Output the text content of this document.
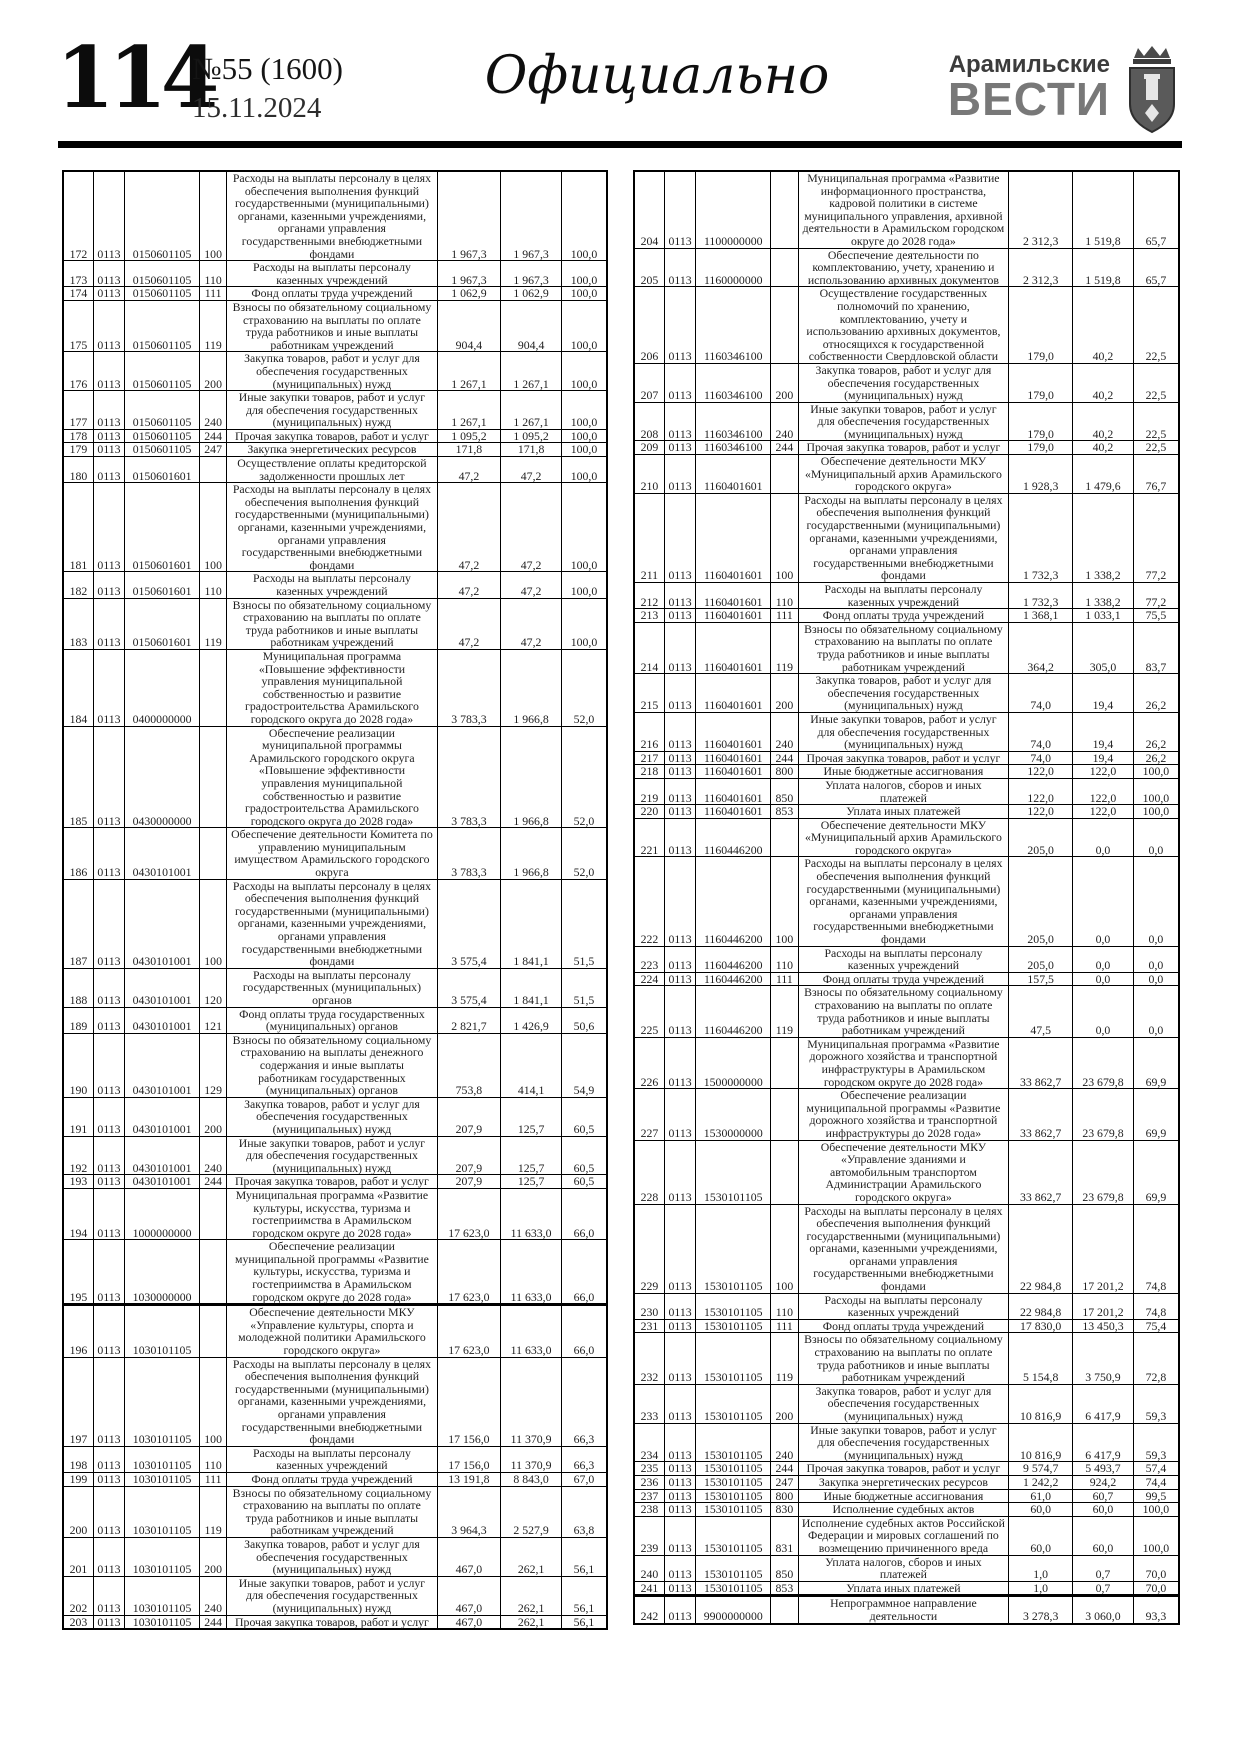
114
№55 (1600)
15.11.2024
Официально	Арамильские
ВЕСТИ
172	0113	0150601105	100	Расходы на выплаты персоналу в целях обеспечения выполнения функций государственными (муниципальными) органами, казенными учреждениями, органами управления государственными внебюджетными фондами	1 967,3	1 967,3	100,0
173	0113	0150601105	110	Расходы на выплаты персоналу казенных учреждений	1 967,3	1 967,3	100,0
174	0113	0150601105	111	Фонд оплаты труда учреждений	1 062,9	1 062,9	100,0
175	0113	0150601105	119	Взносы по обязательному социальному страхованию на выплаты по оплате труда работников и иные выплаты работникам учреждений	904,4	904,4	100,0
176	0113	0150601105	200	Закупка товаров, работ и услуг для обеспечения государственных (муниципальных) нужд	1 267,1	1 267,1	100,0
177	0113	0150601105	240	Иные закупки товаров, работ и услуг для обеспечения государственных (муниципальных) нужд	1 267,1	1 267,1	100,0
178	0113	0150601105	244	Прочая закупка товаров, работ и услуг	1 095,2	1 095,2	100,0
179	0113	0150601105	247	Закупка энергетических ресурсов	171,8	171,8	100,0
180	0113	0150601601		Осуществление оплаты кредиторской задолженности прошлых лет	47,2	47,2	100,0
181	0113	0150601601	100	Расходы на выплаты персоналу в целях обеспечения выполнения функций государственными (муниципальными) органами, казенными учреждениями, органами управления государственными внебюджетными фондами	47,2	47,2	100,0
182	0113	0150601601	110	Расходы на выплаты персоналу казенных учреждений	47,2	47,2	100,0
183	0113	0150601601	119	Взносы по обязательному социальному страхованию на выплаты по оплате труда работников и иные выплаты работникам учреждений	47,2	47,2	100,0
184	0113	0400000000		Муниципальная программа «Повышение эффективности управления муниципальной собственностью и развитие градостроительства Арамильского городского округа до 2028 года»	3 783,3	1 966,8	52,0
185	0113	0430000000		Обеспечение реализации муниципальной программы Арамильского городского округа «Повышение эффективности управления муниципальной собственностью и развитие градостроительства Арамильского городского округа до 2028 года»	3 783,3	1 966,8	52,0
186	0113	0430101001		Обеспечение деятельности Комитета по управлению муниципальным имуществом Арамильского городского округа	3 783,3	1 966,8	52,0
187	0113	0430101001	100	Расходы на выплаты персоналу в целях обеспечения выполнения функций государственными (муниципальными) органами, казенными учреждениями, органами управления государственными внебюджетными фондами	3 575,4	1 841,1	51,5
188	0113	0430101001	120	Расходы на выплаты персоналу государственных (муниципальных) органов	3 575,4	1 841,1	51,5
189	0113	0430101001	121	Фонд оплаты труда государственных (муниципальных) органов	2 821,7	1 426,9	50,6
190	0113	0430101001	129	Взносы по обязательному социальному страхованию на выплаты денежного содержания и иные выплаты работникам государственных (муниципальных) органов	753,8	414,1	54,9
191	0113	0430101001	200	Закупка товаров, работ и услуг для обеспечения государственных (муниципальных) нужд	207,9	125,7	60,5
192	0113	0430101001	240	Иные закупки товаров, работ и услуг для обеспечения государственных (муниципальных) нужд	207,9	125,7	60,5
193	0113	0430101001	244	Прочая закупка товаров, работ и услуг	207,9	125,7	60,5
194	0113	1000000000		Муниципальная программа «Развитие культуры, искусства, туризма и гостеприимства в Арамильском городском округе до 2028 года»	17 623,0	11 633,0	66,0
195	0113	1030000000		Обеспечение реализации муниципальной программы «Развитие культуры, искусства, туризма и гостеприимства в Арамильском городском округе до 2028 года»	17 623,0	11 633,0	66,0
196	0113	1030101105		Обеспечение деятельности МКУ «Управление культуры, спорта и молодежной политики Арамильского городского округа»	17 623,0	11 633,0	66,0
197	0113	1030101105	100	Расходы на выплаты персоналу в целях обеспечения выполнения функций государственными (муниципальными) органами, казенными учреждениями, органами управления государственными внебюджетными фондами	17 156,0	11 370,9	66,3
198	0113	1030101105	110	Расходы на выплаты персоналу казенных учреждений	17 156,0	11 370,9	66,3
199	0113	1030101105	111	Фонд оплаты труда учреждений	13 191,8	8 843,0	67,0
200	0113	1030101105	119	Взносы по обязательному социальному страхованию на выплаты по оплате труда работников и иные выплаты работникам учреждений	3 964,3	2 527,9	63,8
201	0113	1030101105	200	Закупка товаров, работ и услуг для обеспечения государственных (муниципальных) нужд	467,0	262,1	56,1
202	0113	1030101105	240	Иные закупки товаров, работ и услуг для обеспечения государственных (муниципальных) нужд	467,0	262,1	56,1
203	0113	1030101105	244	Прочая закупка товаров, работ и услуг	467,0	262,1	56,1
204	0113	1100000000		Муниципальная программа «Развитие информационного пространства, кадровой политики в системе муниципального управления, архивной деятельности в Арамильском городском округе до 2028 года»	2 312,3	1 519,8	65,7
205	0113	1160000000		Обеспечение деятельности по комплектованию, учету, хранению и использованию архивных документов	2 312,3	1 519,8	65,7
206	0113	1160346100		Осуществление государственных полномочий по хранению, комплектованию, учету и использованию архивных документов, относящихся к государственной собственности Свердловской области	179,0	40,2	22,5
207	0113	1160346100	200	Закупка товаров, работ и услуг для обеспечения государственных (муниципальных) нужд	179,0	40,2	22,5
208	0113	1160346100	240	Иные закупки товаров, работ и услуг для обеспечения государственных (муниципальных) нужд	179,0	40,2	22,5
209	0113	1160346100	244	Прочая закупка товаров, работ и услуг	179,0	40,2	22,5
210	0113	1160401601		Обеспечение деятельности МКУ «Муниципальный архив Арамильского городского округа»	1 928,3	1 479,6	76,7
211	0113	1160401601	100	Расходы на выплаты персоналу в целях обеспечения выполнения функций государственными (муниципальными) органами, казенными учреждениями, органами управления государственными внебюджетными фондами	1 732,3	1 338,2	77,2
212	0113	1160401601	110	Расходы на выплаты персоналу казенных учреждений	1 732,3	1 338,2	77,2
213	0113	1160401601	111	Фонд оплаты труда учреждений	1 368,1	1 033,1	75,5
214	0113	1160401601	119	Взносы по обязательному социальному страхованию на выплаты по оплате труда работников и иные выплаты работникам учреждений	364,2	305,0	83,7
215	0113	1160401601	200	Закупка товаров, работ и услуг для обеспечения государственных (муниципальных) нужд	74,0	19,4	26,2
216	0113	1160401601	240	Иные закупки товаров, работ и услуг для обеспечения государственных (муниципальных) нужд	74,0	19,4	26,2
217	0113	1160401601	244	Прочая закупка товаров, работ и услуг	74,0	19,4	26,2
218	0113	1160401601	800	Иные бюджетные ассигнования	122,0	122,0	100,0
219	0113	1160401601	850	Уплата налогов, сборов и иных платежей	122,0	122,0	100,0
220	0113	1160401601	853	Уплата иных платежей	122,0	122,0	100,0
221	0113	1160446200		Обеспечение деятельности МКУ «Муниципальный архив Арамильского городского округа»	205,0	0,0	0,0
222	0113	1160446200	100	Расходы на выплаты персоналу в целях обеспечения выполнения функций государственными (муниципальными) органами, казенными учреждениями, органами управления государственными внебюджетными фондами	205,0	0,0	0,0
223	0113	1160446200	110	Расходы на выплаты персоналу казенных учреждений	205,0	0,0	0,0
224	0113	1160446200	111	Фонд оплаты труда учреждений	157,5	0,0	0,0
225	0113	1160446200	119	Взносы по обязательному социальному страхованию на выплаты по оплате труда работников и иные выплаты работникам учреждений	47,5	0,0	0,0
226	0113	1500000000		Муниципальная программа «Развитие дорожного хозяйства и транспортной инфраструктуры в Арамильском городском округе до 2028 года»	33 862,7	23 679,8	69,9
227	0113	1530000000		Обеспечение реализации муниципальной программы «Развитие дорожного хозяйства и транспортной инфраструктуры до 2028 года»	33 862,7	23 679,8	69,9
228	0113	1530101105		Обеспечение деятельности МКУ «Управление зданиями и автомобильным транспортом Администрации Арамильского городского округа»	33 862,7	23 679,8	69,9
229	0113	1530101105	100	Расходы на выплаты персоналу в целях обеспечения выполнения функций государственными (муниципальными) органами, казенными учреждениями, органами управления государственными внебюджетными фондами	22 984,8	17 201,2	74,8
230	0113	1530101105	110	Расходы на выплаты персоналу казенных учреждений	22 984,8	17 201,2	74,8
231	0113	1530101105	111	Фонд оплаты труда учреждений	17 830,0	13 450,3	75,4
232	0113	1530101105	119	Взносы по обязательному социальному страхованию на выплаты по оплате труда работников и иные выплаты работникам учреждений	5 154,8	3 750,9	72,8
233	0113	1530101105	200	Закупка товаров, работ и услуг для обеспечения государственных (муниципальных) нужд	10 816,9	6 417,9	59,3
234	0113	1530101105	240	Иные закупки товаров, работ и услуг для обеспечения государственных (муниципальных) нужд	10 816,9	6 417,9	59,3
235	0113	1530101105	244	Прочая закупка товаров, работ и услуг	9 574,7	5 493,7	57,4
236	0113	1530101105	247	Закупка энергетических ресурсов	1 242,2	924,2	74,4
237	0113	1530101105	800	Иные бюджетные ассигнования	61,0	60,7	99,5
238	0113	1530101105	830	Исполнение судебных актов	60,0	60,0	100,0
239	0113	1530101105	831	Исполнение судебных актов Российской Федерации и мировых соглашений по возмещению причиненного вреда	60,0	60,0	100,0
240	0113	1530101105	850	Уплата налогов, сборов и иных платежей	1,0	0,7	70,0
241	0113	1530101105	853	Уплата иных платежей	1,0	0,7	70,0
242	0113	9900000000		Непрограммное направление деятельности	3 278,3	3 060,0	93,3
